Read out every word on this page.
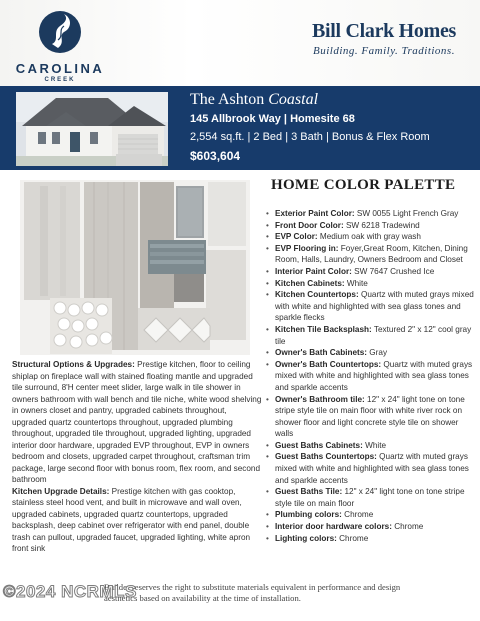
CAROLINA
CREEK
Bill Clark Homes
Building. Family. Traditions.
The Ashton Coastal
145 Allbrook Way | Homesite 68
2,554 sq.ft. | 2 Bed | 3 Bath | Bonus & Flex Room
$603,604
HOME COLOR PALETTE
• Exterior Paint Color: SW 0055 Light French Gray
• Front Door Color: SW 6218 Tradewind
• EVP Color: Medium oak with gray wash
• EVP Flooring in: Foyer,Great Room, Kitchen, Dining Room, Halls, Laundry, Owners Bedroom and Closet
• Interior Paint Color: SW 7647 Crushed Ice
• Kitchen Cabinets: White
• Kitchen Countertops: Quartz with muted grays mixed with white and highlighted with sea glass tones and sparkle flecks
• Kitchen Tile Backsplash: Textured 2" x 12" cool gray tile
• Owner's Bath Cabinets: Gray
• Owner's Bath Countertops: Quartz with muted grays mixed with white and highlighted with sea glass tones and sparkle accents
• Owner's Bathroom tile: 12" x 24" light tone on tone stripe style tile on main floor with white river rock on shower floor and light concrete style tile on shower walls
• Guest Baths Cabinets: White
• Guest Baths Countertops: Quartz with muted grays mixed with white and highlighted with sea glass tones and sparkle accents
• Guest Baths Tile: 12" x 24" light tone on tone stripe style tile on main floor
• Plumbing colors: Chrome
• Interior door hardware colors: Chrome
• Lighting colors: Chrome
Structural Options & Upgrades: Prestige kitchen, floor to ceiling shiplap on fireplace wall with stained floating mantle and upgraded tile surround, 8'H center meet slider, large walk in tile shower in owners bathroom with wall bench and tile niche, white wood shelving in owners closet and pantry, upgraded cabinets throughout, upgraded quartz countertops throughout, upgraded plumbing throughout, upgraded tile throughout, upgraded lighting, upgraded interior door hardware, upgraded EVP throughout, EVP in owners bedroom and closets, upgraded carpet throughout, craftsman trim package, large second floor with bonus room, flex room, and second bathroom
Kitchen Upgrade Details: Prestige kitchen with gas cooktop, stainless steel hood vent, and built in microwave and wall oven, upgraded cabinets, upgraded quartz countertops, upgraded backsplash, deep cabinet over refrigerator with end panel, double trash can pullout, upgraded faucet, upgraded lighting, white apron front sink
Builder reserves the right to substitute materials equivalent in performance and design aesthetics based on availability at the time of installation.
©2024 NCRMLS
